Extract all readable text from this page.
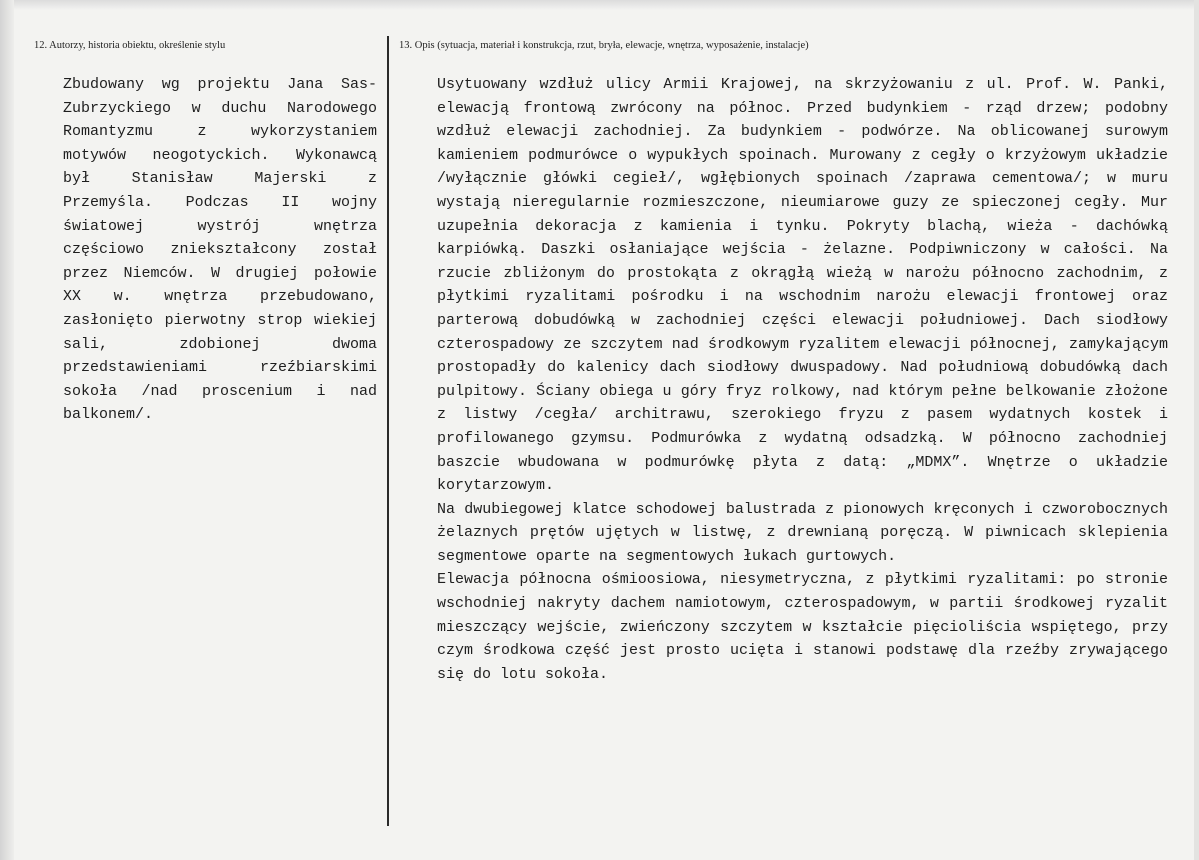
12. Autorzy, historia obiektu, określenie stylu	13. Opis (sytuacja, materiał i konstrukcja, rzut, bryła, elewacje, wnętrza, wyposażenie, instalacje)

Zbudowany wg projektu Jana Sas-Zubrzyckiego w duchu Narodowego Romantyzmu z wykorzystaniem motywów neogotyckich. Wykonawcą był Stanisław Majerski z Przemyśla. Podczas II wojny światowej wystrój wnętrza częściowo zniekształcony został przez Niemców. W drugiej połowie XX w. wnętrza przebudowano, zasłonięto pierwotny strop wiekiej sali, zdobionej dwoma przedstawieniami rzeźbiarskimi sokoła /nad proscenium i nad balkonem/.

Usytuowany wzdłuż ulicy Armii Krajowej, na skrzyżowaniu z ul. Prof. W. Panki, elewacją frontową zwrócony na północ. Przed budynkiem - rząd drzew; podobny wzdłuż elewacji zachodniej. Za budynkiem - podwórze. Na oblicowanej surowym kamieniem podmurówce o wypukłych spoinach. Murowany z cegły o krzyżowym układzie /wyłącznie główki cegieł/, wgłębionych spoinach /zaprawa cementowa/; w muru wystają nieregularnie rozmieszczone, nieumiarowe guzy ze spieczonej cegły. Mur uzupełnia dekoracja z kamienia i tynku. Pokryty blachą, wieża - dachówką karpiówką. Daszki osłaniające wejścia - żelazne. Podpiwniczony w całości. Na rzucie zbliżonym do prostokąta z okrągłą wieżą w narożu północno zachodnim, z płytkimi ryzalitami pośrodku i na wschodnim narożu elewacji frontowej oraz parterową dobudówką w zachodniej części elewacji południowej. Dach siodłowy czterospadowy ze szczytem nad środkowym ryzalitem elewacji północnej, zamykającym prostopadły do kalenicy dach siodłowy dwuspadowy. Nad południową dobudówką dach pulpitowy. Ściany obiega u góry fryz rolkowy, nad którym pełne belkowanie złożone z listwy /cegła/ architrawu, szerokiego fryzu z pasem wydatnych kostek i profilowanego gzymsu. Podmurówka z wydatną odsadzką. W północno zachodniej baszcie wbudowana w podmurówkę płyta z datą: „MDMX”. Wnętrze o układzie korytarzowym.

Na dwubiegowej klatce schodowej balustrada z pionowych kręconych i czworobocznych żelaznych prętów ujętych w listwę, z drewnianą poręczą. W piwnicach sklepienia segmentowe oparte na segmentowych łukach gurtowych.

Elewacja północna ośmioosiowa, niesymetryczna, z płytkimi ryzalitami: po stronie wschodniej nakryty dachem namiotowym, czterospadowym, w partii środkowej ryzalit mieszczący wejście, zwieńczony szczytem w kształcie pięcioliścia wspiętego, przy czym środkowa część jest prosto ucięta i stanowi podstawę dla rzeźby zrywającego się do lotu sokoła.
